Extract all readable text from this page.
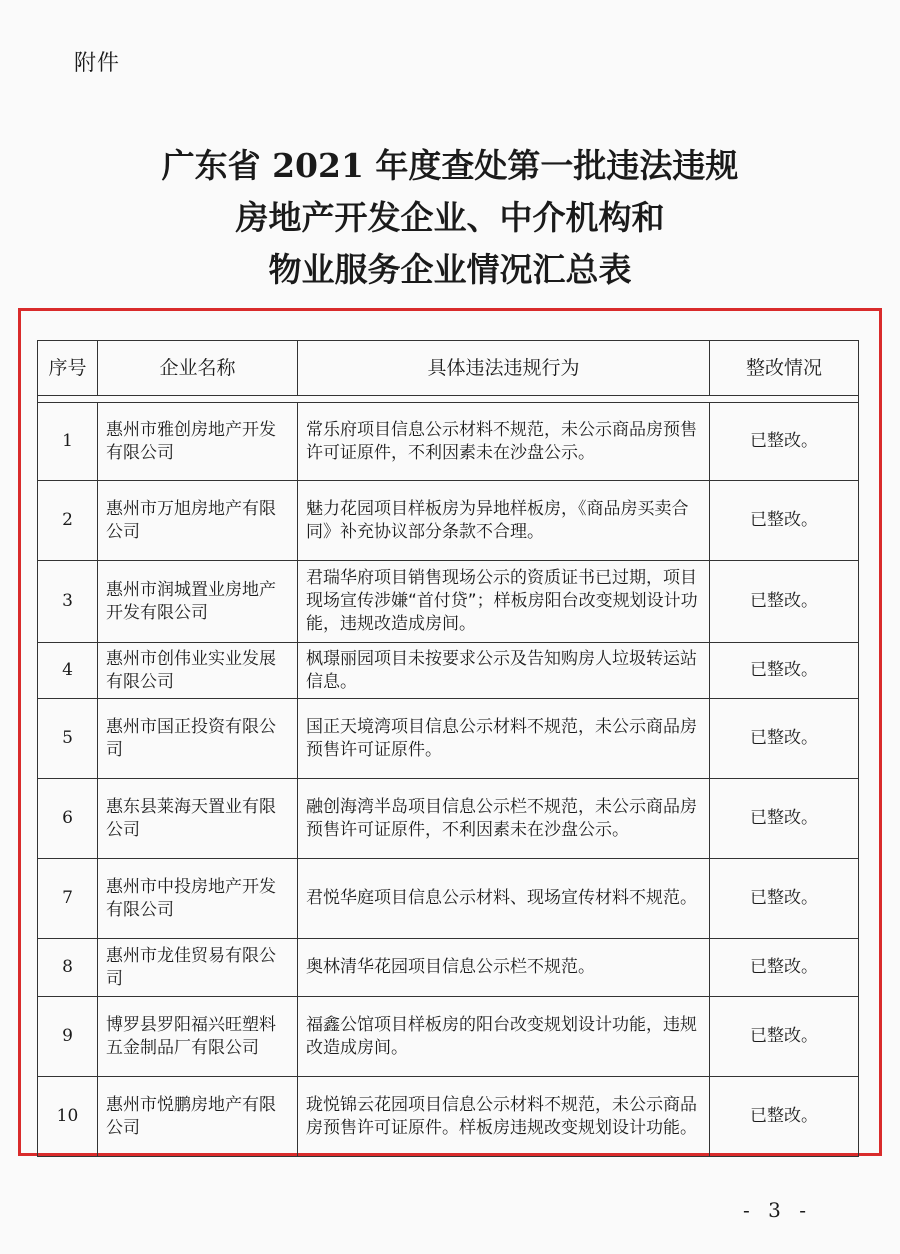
附件
广东省 2021 年度查处第一批违法违规
房地产开发企业、中介机构和
物业服务企业情况汇总表
序号	企业名称	具体违法违规行为	整改情况

1	惠州市雅创房地产开发有限公司	常乐府项目信息公示材料不规范，未公示商品房预售许可证原件，不利因素未在沙盘公示。	已整改。
2	惠州市万旭房地产有限公司	魅力花园项目样板房为异地样板房，《商品房买卖合同》补充协议部分条款不合理。	已整改。
3	惠州市润城置业房地产开发有限公司	君瑞华府项目销售现场公示的资质证书已过期，项目现场宣传涉嫌“首付贷”；样板房阳台改变规划设计功能，违规改造成房间。	已整改。
4	惠州市创伟业实业发展有限公司	枫璟丽园项目未按要求公示及告知购房人垃圾转运站信息。	已整改。
5	惠州市国正投资有限公司	国正天境湾项目信息公示材料不规范，未公示商品房预售许可证原件。	已整改。
6	惠东县莱海天置业有限公司	融创海湾半岛项目信息公示栏不规范，未公示商品房预售许可证原件，不利因素未在沙盘公示。	已整改。
7	惠州市中投房地产开发有限公司	君悦华庭项目信息公示材料、现场宣传材料不规范。	已整改。
8	惠州市龙佳贸易有限公司	奥林清华花园项目信息公示栏不规范。	已整改。
9	博罗县罗阳福兴旺塑料五金制品厂有限公司	福鑫公馆项目样板房的阳台改变规划设计功能，违规改造成房间。	已整改。
10	惠州市悦鹏房地产有限公司	珑悦锦云花园项目信息公示材料不规范，未公示商品房预售许可证原件。样板房违规改变规划设计功能。	已整改。
- 3 -
